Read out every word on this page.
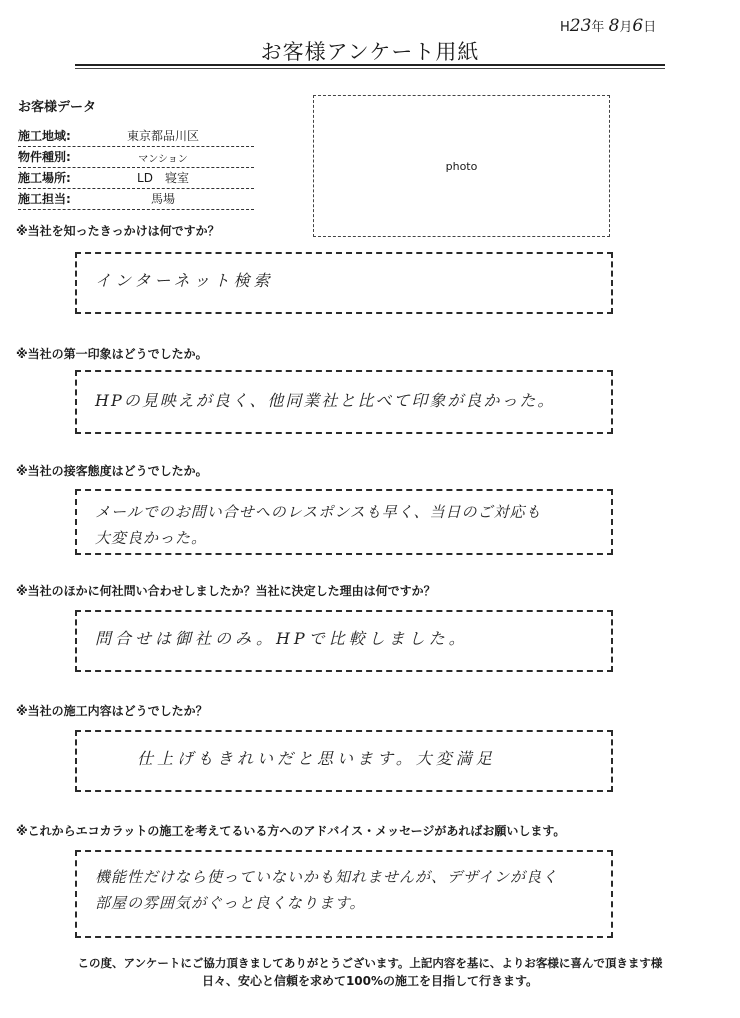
H23年 8月6日
お客様アンケート用紙
お客様データ
施工地域:	東京都品川区
物件種別:	マンション
施工場所:	LD　寝室
施工担当:	馬場
photo
※当社を知ったきっかけは何ですか？
インターネット検索
※当社の第一印象はどうでしたか。
HPの見映えが良く、他同業社と比べて印象が良かった。
※当社の接客態度はどうでしたか。
メールでのお問い合せへのレスポンスも早く、当日のご対応も
大変良かった。
※当社のほかに何社問い合わせしましたか？当社に決定した理由は何ですか？
問合せは御社のみ。HPで比較しました。
※当社の施工内容はどうでしたか？
仕上げもきれいだと思います。大変満足
※これからエコカラットの施工を考えてるいる方へのアドバイス・メッセージがあればお願いします。
機能性だけなら使っていないかも知れませんが、デザインが良く
部屋の雰囲気がぐっと良くなります。
この度、アンケートにご協力頂きましてありがとうございます。上記内容を基に、よりお客様に喜んで頂きます様
日々、安心と信頼を求めて100%の施工を目指して行きます。
